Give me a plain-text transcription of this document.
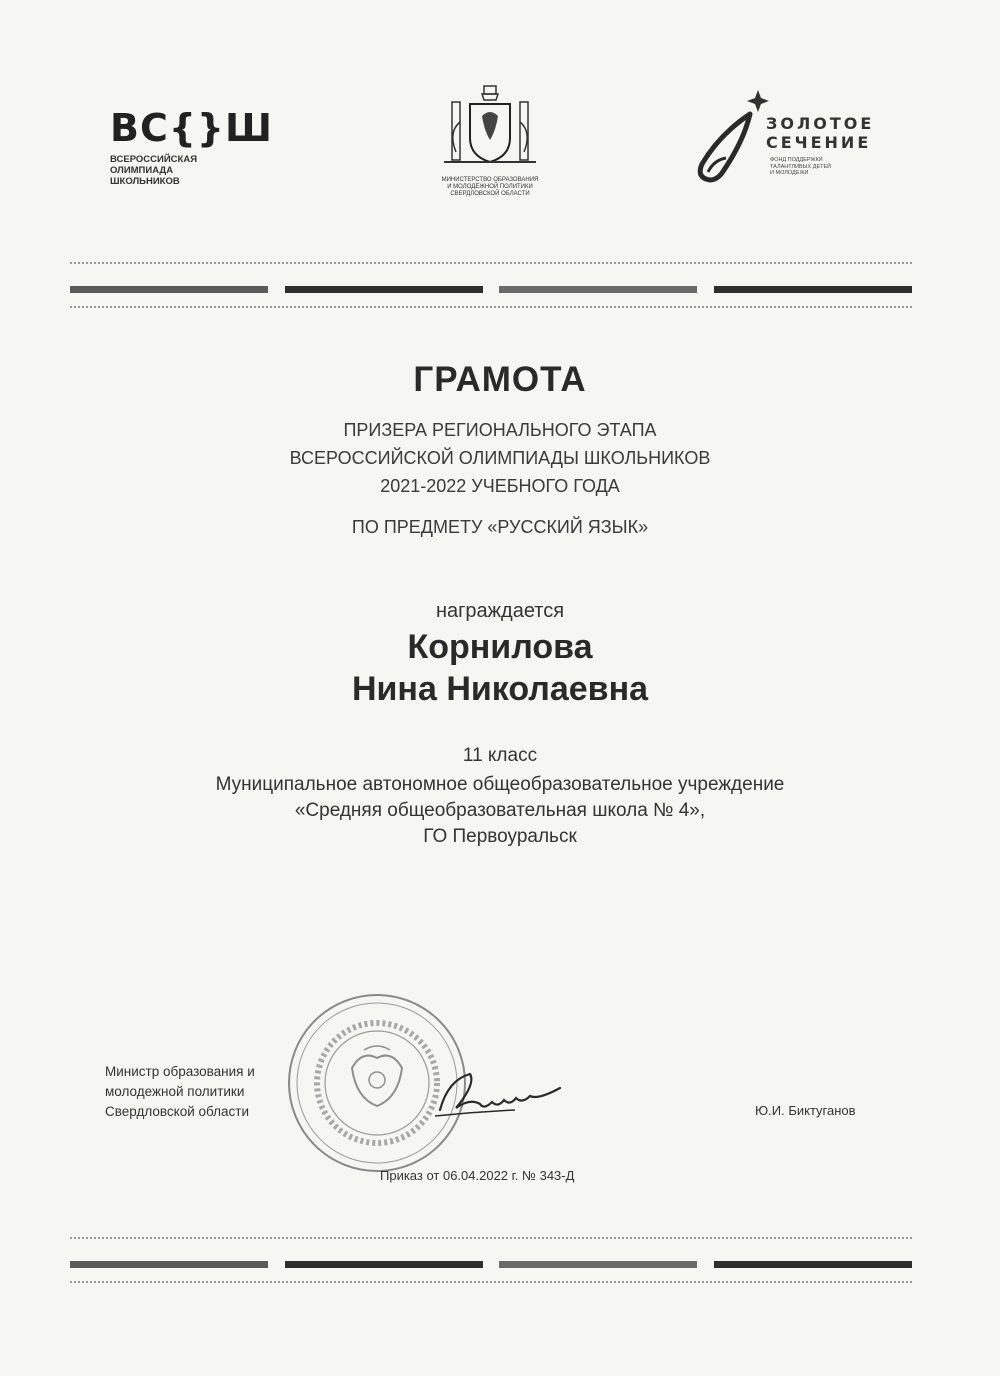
ВС{}Ш
ВСЕРОССИЙСКАЯ
ОЛИМПИАДА
ШКОЛЬНИКОВ	МИНИСТЕРСТВО ОБРАЗОВАНИЯ
И МОЛОДЕЖНОЙ ПОЛИТИКИ
СВЕРДЛОВСКОЙ ОБЛАСТИ
ЗОЛОТОЕ
СЕЧЕНИЕ
ФОНД ПОДДЕРЖКИ
ТАЛАНТЛИВЫХ ДЕТЕЙ
И МОЛОДЕЖИ
ГРАМОТА
ПРИЗЕРА РЕГИОНАЛЬНОГО ЭТАПА
ВСЕРОССИЙСКОЙ ОЛИМПИАДЫ ШКОЛЬНИКОВ
2021-2022 УЧЕБНОГО ГОДА
ПО ПРЕДМЕТУ «РУССКИЙ ЯЗЫК»
награждается
Корнилова
Нина Николаевна
11 класс
Муниципальное автономное общеобразовательное учреждение
«Средняя общеобразовательная школа № 4»,
ГО Первоуральск
Министр образования и
молодежной политики
Свердловской области	Ю.И. Биктуганов
Приказ от 06.04.2022 г. № 343-Д
